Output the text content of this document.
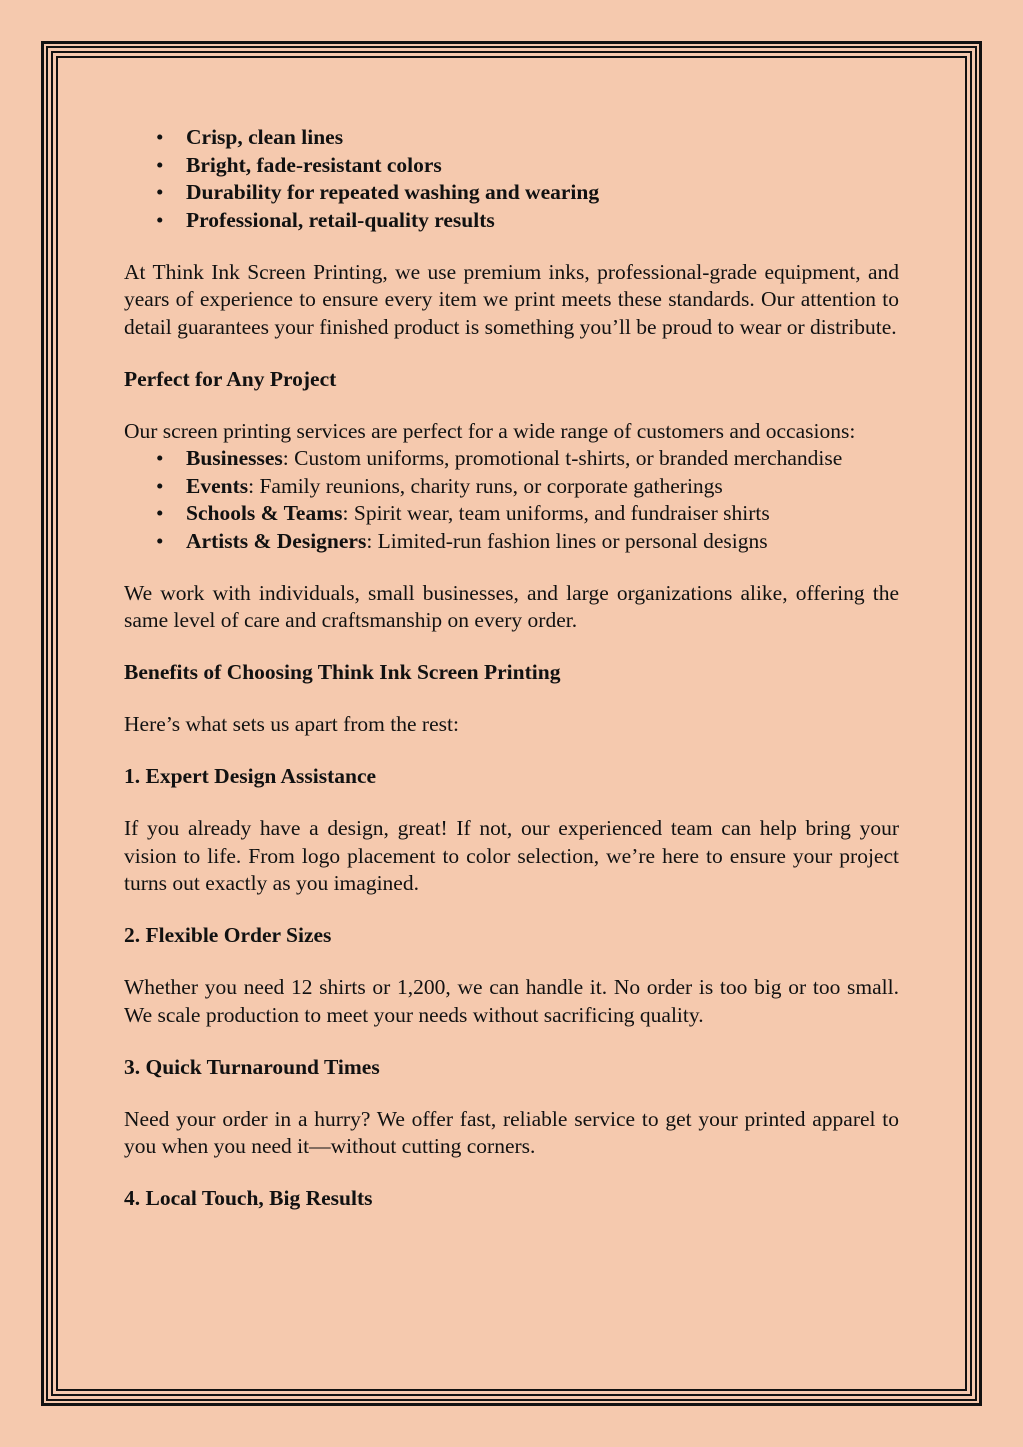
• Crisp, clean lines
• Bright, fade-resistant colors
• Durability for repeated washing and wearing
• Professional, retail-quality results

At Think Ink Screen Printing, we use premium inks, professional-grade equipment, and years of experience to ensure every item we print meets these standards. Our attention to detail guarantees your finished product is something you’ll be proud to wear or distribute.

Perfect for Any Project

Our screen printing services are perfect for a wide range of customers and occasions:

• Businesses: Custom uniforms, promotional t-shirts, or branded merchandise
• Events: Family reunions, charity runs, or corporate gatherings
• Schools & Teams: Spirit wear, team uniforms, and fundraiser shirts
• Artists & Designers: Limited-run fashion lines or personal designs

We work with individuals, small businesses, and large organizations alike, offering the same level of care and craftsmanship on every order.

Benefits of Choosing Think Ink Screen Printing

Here’s what sets us apart from the rest:

1. Expert Design Assistance

If you already have a design, great! If not, our experienced team can help bring your vision to life. From logo placement to color selection, we’re here to ensure your project turns out exactly as you imagined.

2. Flexible Order Sizes

Whether you need 12 shirts or 1,200, we can handle it. No order is too big or too small. We scale production to meet your needs without sacrificing quality.

3. Quick Turnaround Times

Need your order in a hurry? We offer fast, reliable service to get your printed apparel to you when you need it—without cutting corners.

4. Local Touch, Big Results
